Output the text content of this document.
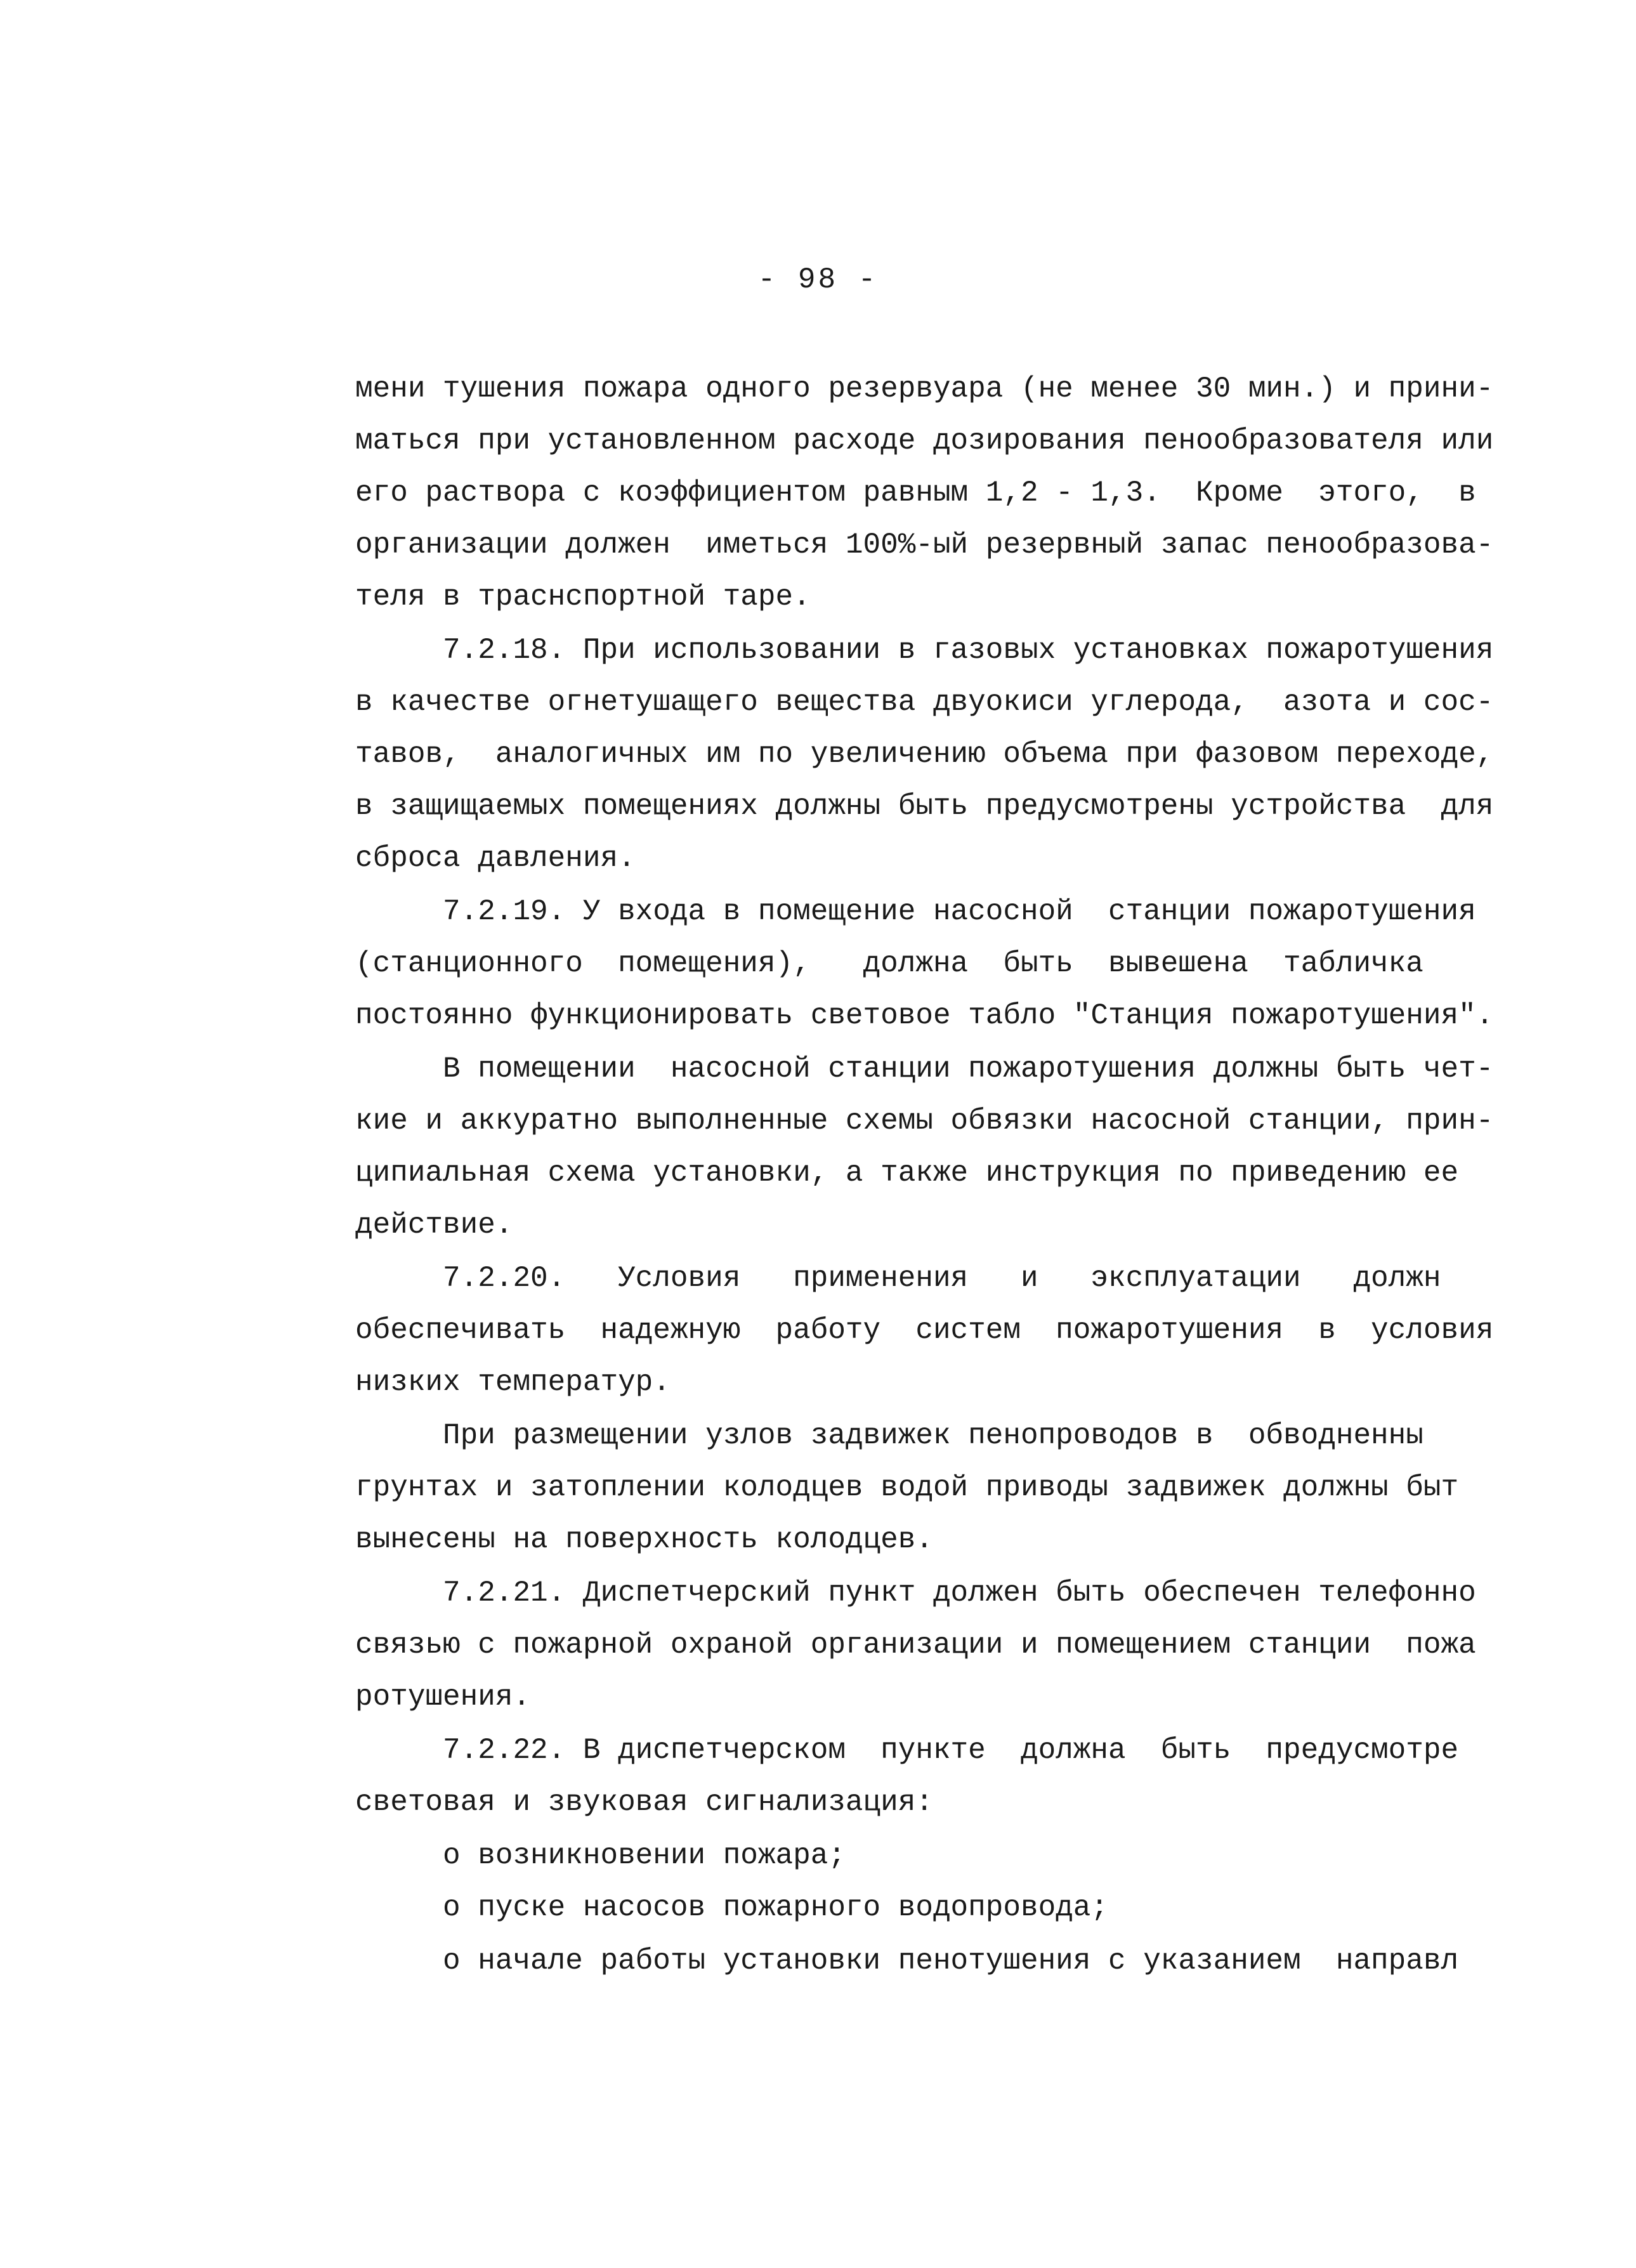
- 98 -
мени тушения пожара одного резервуара (не менее 30 мин.) и прини-
маться при установленном расходе дозирования пенообразователя или
его раствора с коэффициентом равным 1,2 - 1,3.  Кроме  этого,  в
организации должен  иметься 100%-ый резервный запас пенообразова-
теля в траснспортной таре.
7.2.18. При использовании в газовых установках пожаротушения
в качестве огнетушащего вещества двуокиси углерода,  азота и сос-
тавов,  аналогичных им по увеличению объема при фазовом переходе,
в защищаемых помещениях должны быть предусмотрены устройства  для
сброса давления.
7.2.19. У входа в помещение насосной  станции пожаротушения
(станционного  помещения),   должна  быть  вывешена  табличка
постоянно функционировать световое табло "Станция пожаротушения".
В помещении  насосной станции пожаротушения должны быть чет-
кие и аккуратно выполненные схемы обвязки насосной станции, прин-
ципиальная схема установки, а также инструкция по приведению ее
действие.
7.2.20.   Условия   применения   и   эксплуатации   должн
обеспечивать  надежную  работу  систем  пожаротушения  в  условия
низких температур.
При размещении узлов задвижек пенопроводов в  обводненны
грунтах и затоплении колодцев водой приводы задвижек должны быт
вынесены на поверхность колодцев.
7.2.21. Диспетчерский пункт должен быть обеспечен телефонно
связью с пожарной охраной организации и помещением станции  пожа
ротушения.
7.2.22. В диспетчерском  пункте  должна  быть  предусмотре
световая и звуковая сигнализация:
о возникновении пожара;
о пуске насосов пожарного водопровода;
о начале работы установки пенотушения с указанием  направл
